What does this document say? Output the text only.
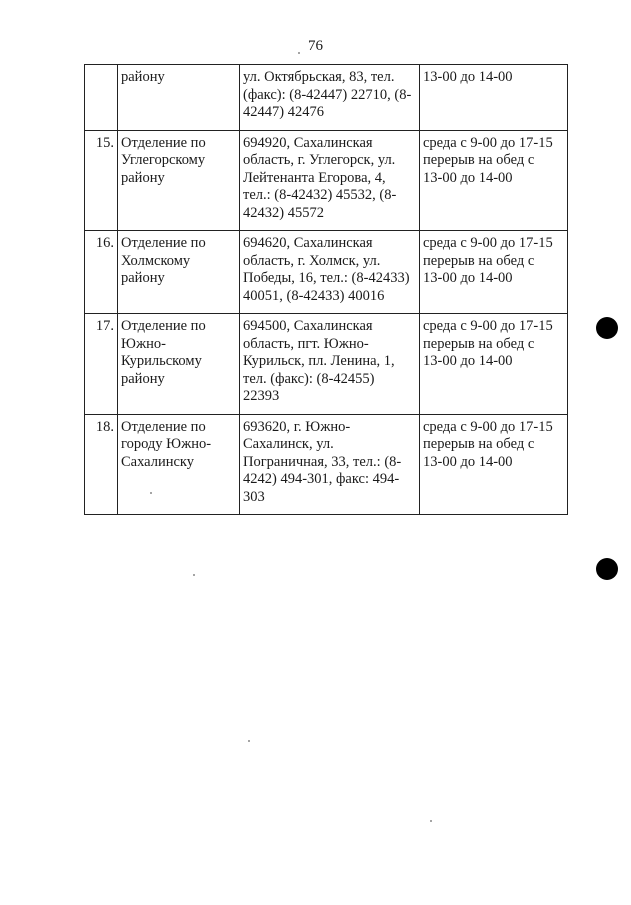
76

	району	ул. Октябрьская, 83, тел.
(факс): (8-42447) 22710, (8-
42447) 42476	13-00 до 14-00

15.	Отделение по
Углегорскому
району	694920, Сахалинская
область, г. Углегорск, ул.
Лейтенанта Егорова, 4,
тел.: (8-42432) 45532, (8-
42432) 45572	среда с 9-00 до 17-15
перерыв на обед с
13-00 до 14-00

16.	Отделение по
Холмскому
району	694620, Сахалинская
область, г. Холмск, ул.
Победы, 16, тел.: (8-42433)
40051, (8-42433) 40016	среда с 9-00 до 17-15
перерыв на обед с
13-00 до 14-00

17.	Отделение по
Южно-
Курильскому
району	694500, Сахалинская
область, пгт. Южно-
Курильск, пл. Ленина, 1,
тел. (факс): (8-42455)
22393	среда с 9-00 до 17-15
перерыв на обед с
13-00 до 14-00

18.	Отделение по
городу Южно-
Сахалинску	693620, г. Южно-
Сахалинск, ул.
Пограничная, 33, тел.: (8-
4242) 494-301, факс: 494-
303	среда с 9-00 до 17-15
перерыв на обед с
13-00 до 14-00
